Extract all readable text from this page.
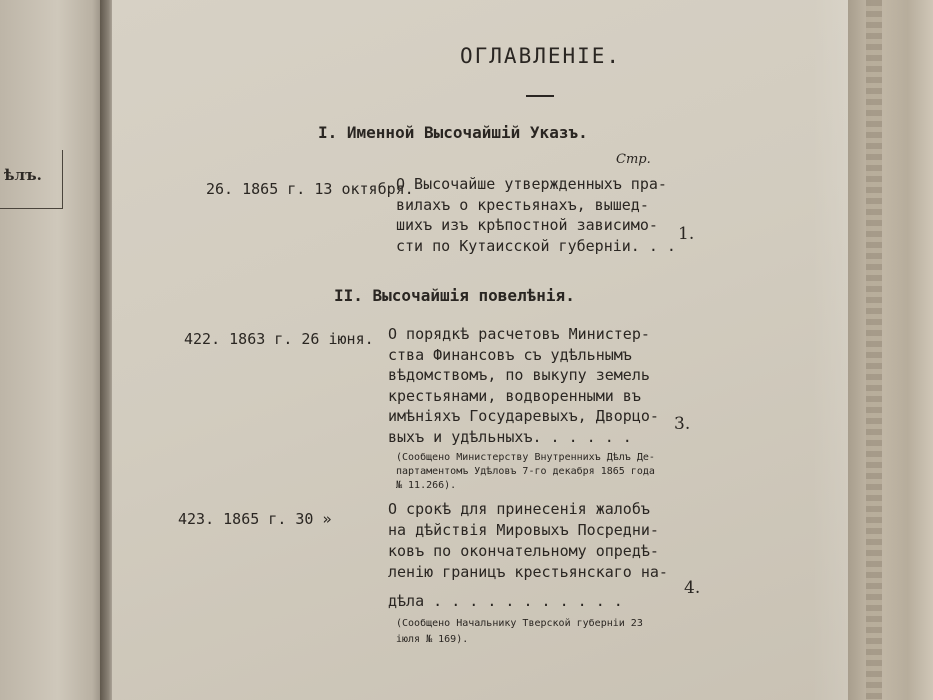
ѣлъ.
ОГЛАВЛЕНIЕ.
I. Именной Высочайшiй Указъ.
Стр.
26. 1865 г. 13 октября.
О Высочайше утвержденныхъ пра-
вилахъ о крестьянахъ, вышед-
шихъ изъ крѣпостной зависимо-
сти по Кутаисской губернiи. . .
1.
II. Высочайшiя повелѣнiя.
422. 1863 г. 26 iюня. О порядкѣ расчетовъ Министер-
ства Финансовъ съ удѣльнымъ
вѣдомствомъ, по выкупу земель
крестьянами, водворенными въ
имѣнiяхъ Государевыхъ, Дворцо-
выхъ и удѣльныхъ. . . . . .
3.
(Сообщено Министерству Внутреннихъ Дѣлъ Де-
партаментомъ Удѣловъ 7-го декабря 1865 года
№ 11.266).
423. 1865 г. 30 »
О срокѣ для принесенiя жалобъ
на дѣйствiя Мировыхъ Посредни-
ковъ по окончательному опредѣ-
ленiю границъ крестьянскаго на-
дѣла . . . . . . . . . . .
4.
(Сообщено Начальнику Тверской губернiи 23
iюля № 169).
